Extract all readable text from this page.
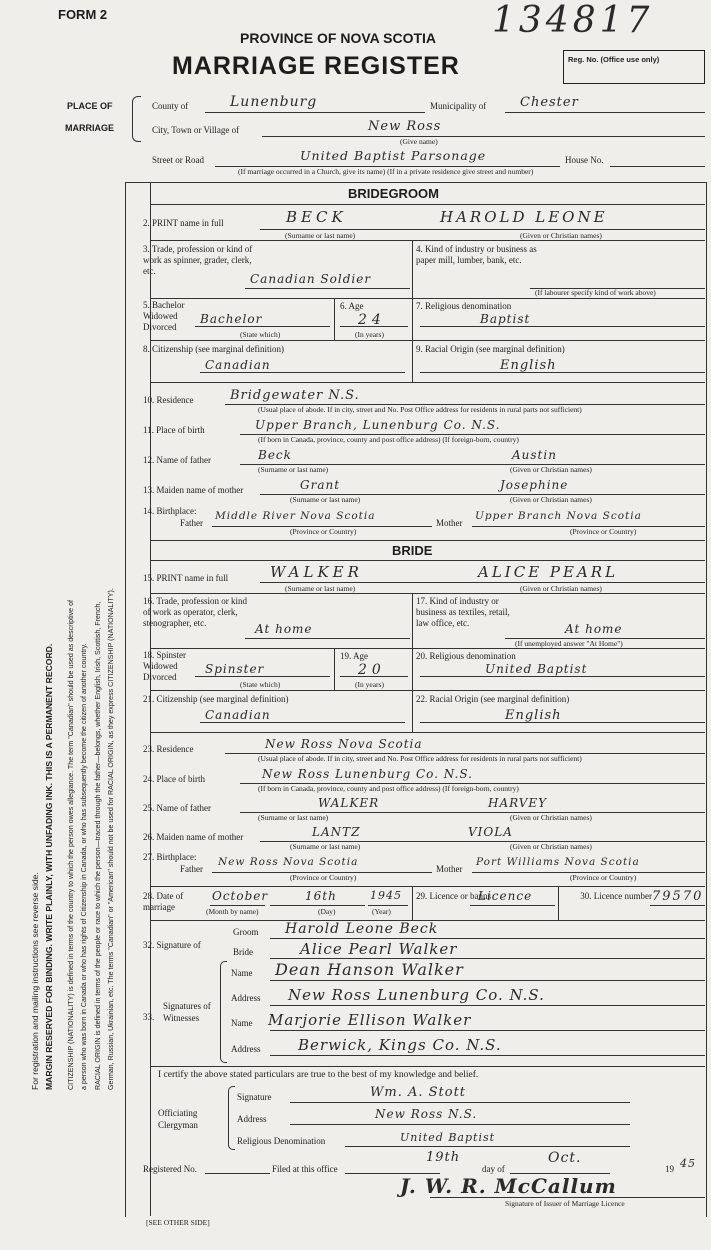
MARGIN RESERVED FOR BINDING. WRITE PLAINLY, WITH UNFADING INK. THIS IS A PERMANENT RECORD.
For registration and mailing instructions see reverse side.	CITIZENSHIP (NATIONALITY) is defined in terms of the country to which the person owes allegiance. The term "Canadian" should be used as descriptive of a person who was born in Canada or who has rights of Citizenship in Canada, or who has subsequently become the citizen of another country. RACIAL ORIGIN is defined in terms of the people or race to which the person—traced through the father—belongs, whether English, Irish, Scottish, French, German, Russian, Ukrainian, etc. The terms "Canadian" or "American" should not be used for RACIAL ORIGIN, as they express CITIZENSHIP (NATIONALITY).
FORM 2	134817
PROVINCE OF NOVA SCOTIA
MARRIAGE REGISTER	Reg. No. (Office use only)
PLACE OF
MARRIAGE
County of	Lunenburg	Municipality of	Chester
City, Town or Village of	New Ross
(Give name)
Street or Road	United Baptist Parsonage	House No.
(If marriage occurred in a Church, give its name) (If in a private residence give street and number)
BRIDEGROOM
2. PRINT name in full	BECK	HAROLD LEONE
(Surname or last name)	(Given or Christian names)
3. Trade, profession or kind of work as spinner, grader, clerk, etc.
Canadian Soldier
4. Kind of industry or business as paper mill, lumber, bank, etc.
(If labourer specify kind of work above)
5. Bachelor Widowed Divorced
Bachelor
(State which)
6. Age
24
(In years)
7. Religious denomination
Baptist
8. Citizenship (see marginal definition)
Canadian
9. Racial Origin (see marginal definition)
English
10. Residence	Bridgewater N.S.
(Usual place of abode. If in city, street and No. Post Office address for residents in rural parts not sufficient)
11. Place of birth	Upper Branch, Lunenburg Co. N.S.
(If born in Canada, province, county and post office address) (If foreign-born, country)
12. Name of father	Beck	Austin
(Surname or last name)	(Given or Christian names)
13. Maiden name of mother	Grant	Josephine
(Surname or last name)	(Given or Christian names)
14. Birthplace:
Father
Middle River Nova Scotia
Mother
Upper Branch Nova Scotia
(Province or Country)	(Province or Country)
BRIDE
15. PRINT name in full	WALKER	ALICE PEARL
(Surname or last name)	(Given or Christian names)
16. Trade, profession or kind of work as operator, clerk, stenographer, etc.	At home
17. Kind of industry or business as textiles, retail, law office, etc.	At home
(If unemployed answer "At Home")
18. Spinster Widowed Divorced
Spinster
(State which)
19. Age
20
(In years)
20. Religious denomination
United Baptist
21. Citizenship (see marginal definition)
Canadian
22. Racial Origin (see marginal definition)
English
23. Residence	New Ross Nova Scotia
(Usual place of abode. If in city, street and No. Post Office address for residents in rural parts not sufficient)
24. Place of birth	New Ross Lunenburg Co. N.S.
(If born in Canada, province, county and post office address) (If foreign-born, country)
25. Name of father	WALKER	HARVEY
(Surname or last name)	(Given or Christian names)
26. Maiden name of mother	LANTZ	VIOLA
(Surname or last name)	(Given or Christian names)
27. Birthplace:
Father
New Ross Nova Scotia
Mother
Port Williams Nova Scotia
(Province or Country)	(Province or Country)
28. Date of marriage
October	16th	1945
(Month by name)	(Day)	(Year)
29. Licence or banns
Licence	30. Licence number 79570
32. Signature of
Groom Harold Leone Beck
Bride	Alice Pearl Walker
33.
Signatures of Witnesses
Name Dean Hanson Walker
Address New Ross Lunenburg Co. N.S.
Name Marjorie Ellison Walker
Address	Berwick, Kings Co. N.S.
I certify the above stated particulars are true to the best of my knowledge and belief.
Officiating Clergyman
Signature	Wm. A. Stott
Address	New Ross N.S.
Religious Denomination	United Baptist
Registered No.	Filed at this office
19th
day of
Oct.
19 45
J. W. R. McCallum
Signature of Issuer of Marriage Licence
[SEE OTHER SIDE]
